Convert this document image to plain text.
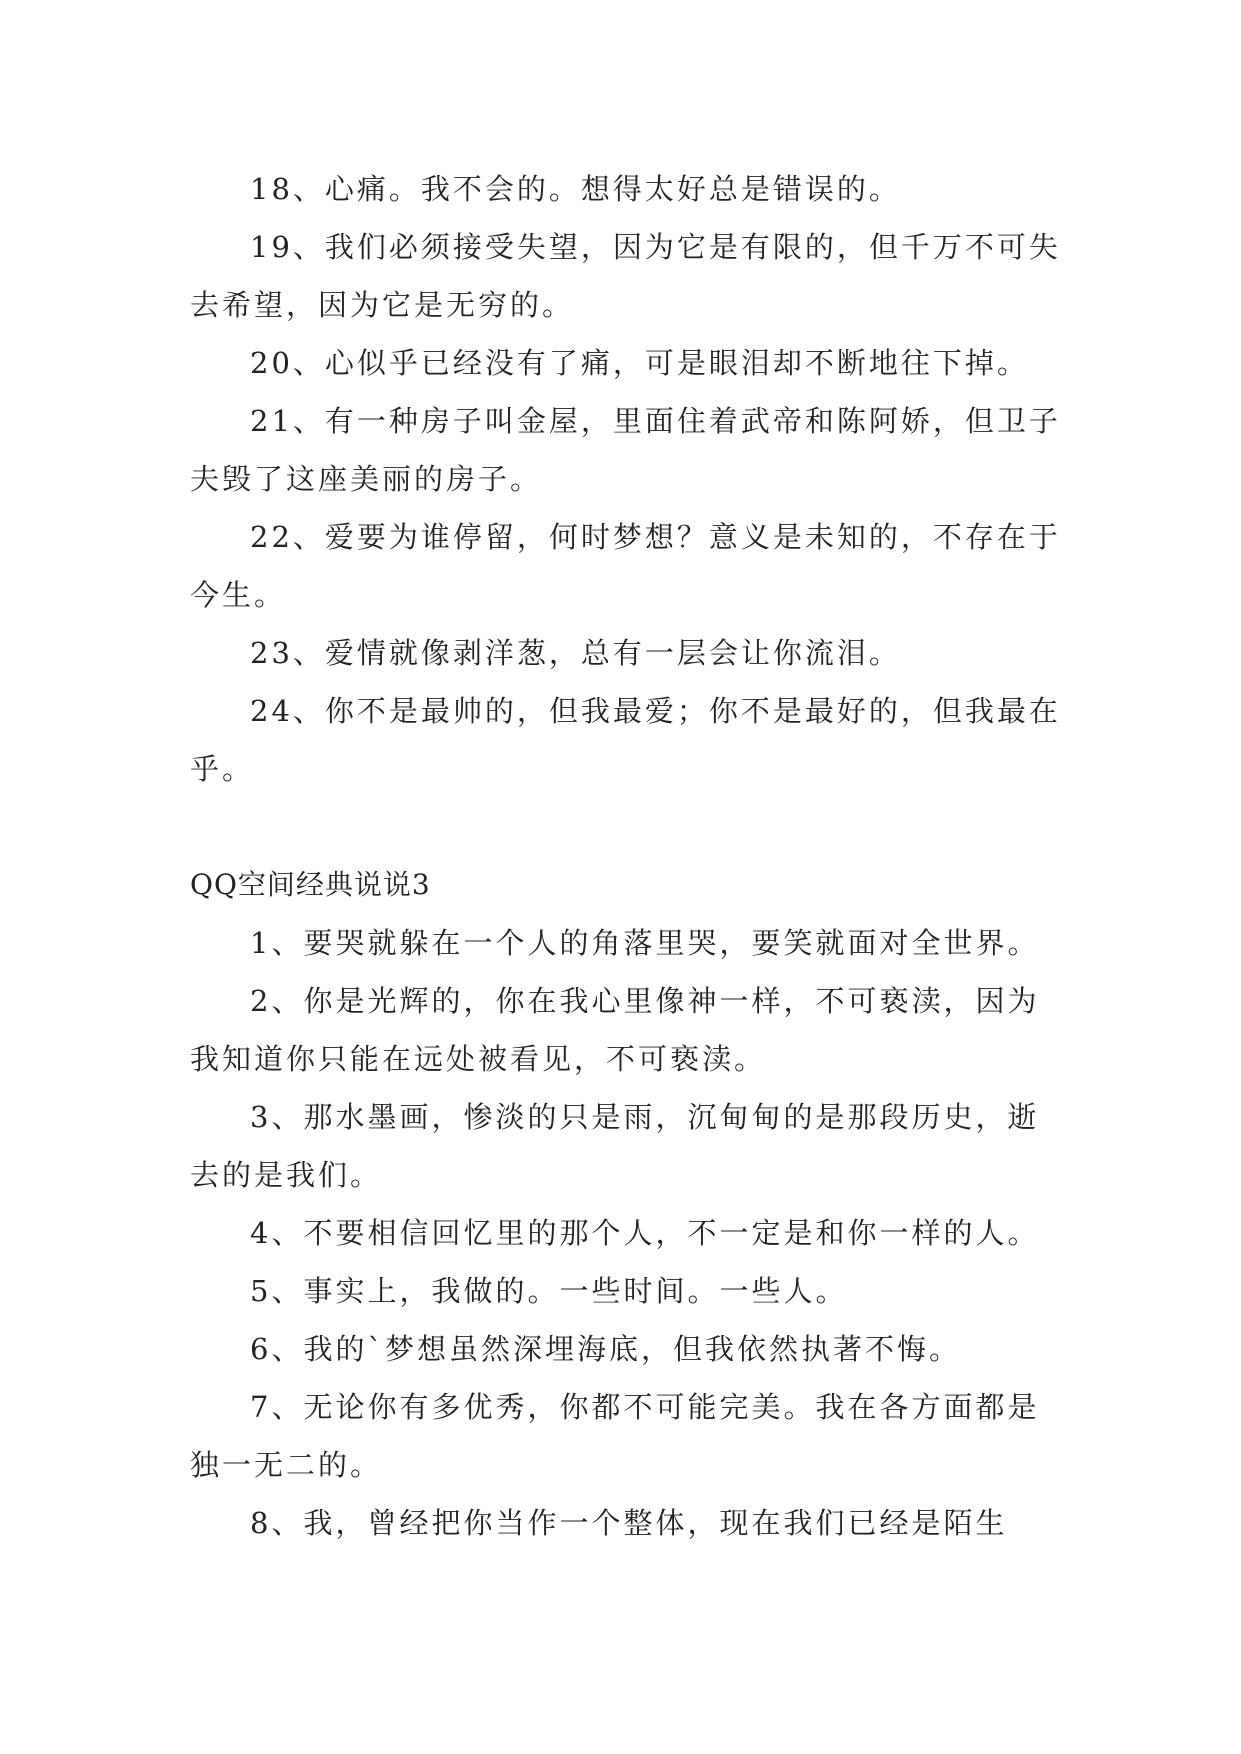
18、心痛。我不会的。想得太好总是错误的。

19、我们必须接受失望，因为它是有限的，但千万不可失去希望，因为它是无穷的。

20、心似乎已经没有了痛，可是眼泪却不断地往下掉。

21、有一种房子叫金屋，里面住着武帝和陈阿娇，但卫子夫毁了这座美丽的房子。

22、爱要为谁停留，何时梦想？意义是未知的，不存在于今生。

23、爱情就像剥洋葱，总有一层会让你流泪。

24、你不是最帅的，但我最爱；你不是最好的，但我最在乎。

QQ空间经典说说3

1、要哭就躲在一个人的角落里哭，要笑就面对全世界。

2、你是光辉的，你在我心里像神一样，不可亵渎，因为我知道你只能在远处被看见，不可亵渎。

3、那水墨画，惨淡的只是雨，沉甸甸的是那段历史，逝去的是我们。

4、不要相信回忆里的那个人，不一定是和你一样的人。

5、事实上，我做的。一些时间。一些人。

6、我的`梦想虽然深埋海底，但我依然执著不悔。

7、无论你有多优秀，你都不可能完美。我在各方面都是独一无二的。

8、我，曾经把你当作一个整体，现在我们已经是陌生
